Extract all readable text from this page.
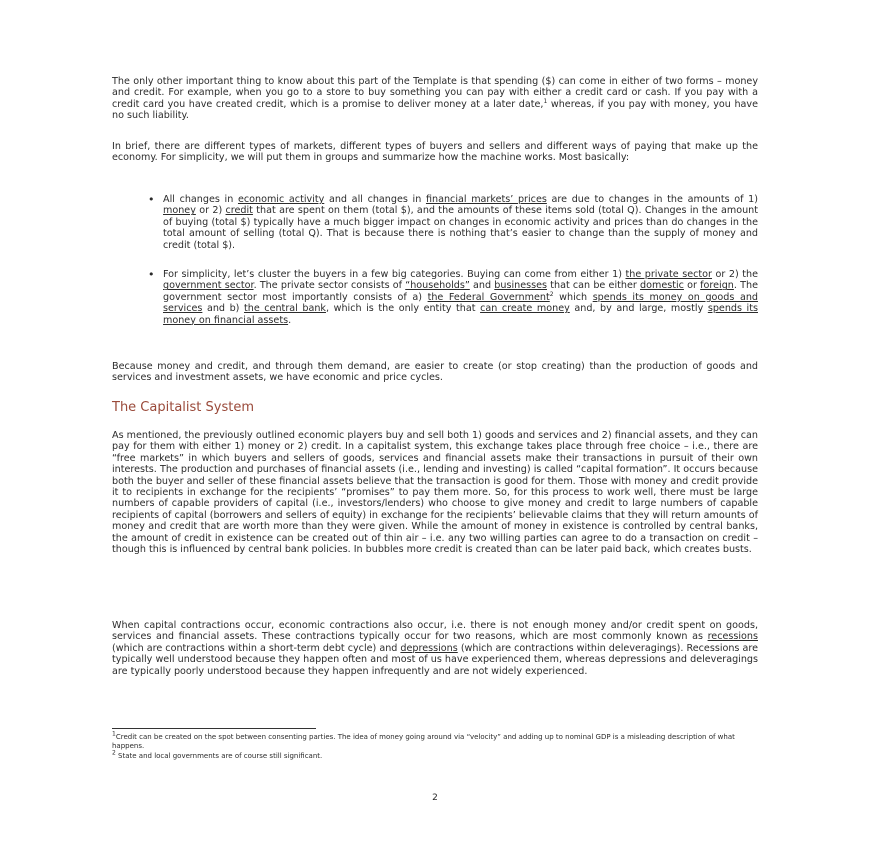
The only other important thing to know about this part of the Template is that spending ($) can come in either of two forms – money and credit. For example, when you go to a store to buy something you can pay with either a credit card or cash. If you pay with a credit card you have created credit, which is a promise to deliver money at a later date,$^1$ whereas, if you pay with money, you have no such liability.

In brief, there are different types of markets, different types of buyers and sellers and different ways of paying that make up the economy. For simplicity, we will put them in groups and summarize how the machine works. Most basically:

• All changes in economic activity and all changes in financial markets’ prices are due to changes in the amounts of 1) money or 2) credit that are spent on them (total $), and the amounts of these items sold (total Q). Changes in the amount of buying (total $) typically have a much bigger impact on changes in economic activity and prices than do changes in the total amount of selling (total Q). That is because there is nothing that’s easier to change than the supply of money and credit (total $).

• For simplicity, let’s cluster the buyers in a few big categories. Buying can come from either 1) the private sector or 2) the government sector. The private sector consists of “households” and businesses that can be either domestic or foreign. The government sector most importantly consists of a) the Federal Government$^2$ which spends its money on goods and services and b) the central bank, which is the only entity that can create money and, by and large, mostly spends its money on financial assets.

Because money and credit, and through them demand, are easier to create (or stop creating) than the production of goods and services and investment assets, we have economic and price cycles.

The Capitalist System

As mentioned, the previously outlined economic players buy and sell both 1) goods and services and 2) financial assets, and they can pay for them with either 1) money or 2) credit. In a capitalist system, this exchange takes place through free choice – i.e., there are “free markets” in which buyers and sellers of goods, services and financial assets make their transactions in pursuit of their own interests. The production and purchases of financial assets (i.e., lending and investing) is called “capital formation”. It occurs because both the buyer and seller of these financial assets believe that the transaction is good for them. Those with money and credit provide it to recipients in exchange for the recipients’ “promises” to pay them more. So, for this process to work well, there must be large numbers of capable providers of capital (i.e., investors/lenders) who choose to give money and credit to large numbers of capable recipients of capital (borrowers and sellers of equity) in exchange for the recipients’ believable claims that they will return amounts of money and credit that are worth more than they were given. While the amount of money in existence is controlled by central banks, the amount of credit in existence can be created out of thin air – i.e. any two willing parties can agree to do a transaction on credit – though this is influenced by central bank policies. In bubbles more credit is created than can be later paid back, which creates busts.

When capital contractions occur, economic contractions also occur, i.e. there is not enough money and/or credit spent on goods, services and financial assets. These contractions typically occur for two reasons, which are most commonly known as recessions (which are contractions within a short-term debt cycle) and depressions (which are contractions within deleveragings). Recessions are typically well understood because they happen often and most of us have experienced them, whereas depressions and deleveragings are typically poorly understood because they happen infrequently and are not widely experienced.

$^1$Credit can be created on the spot between consenting parties. The idea of money going around via “velocity” and adding up to nominal GDP is a misleading description of what happens.

$^2$ State and local governments are of course still significant.

2
